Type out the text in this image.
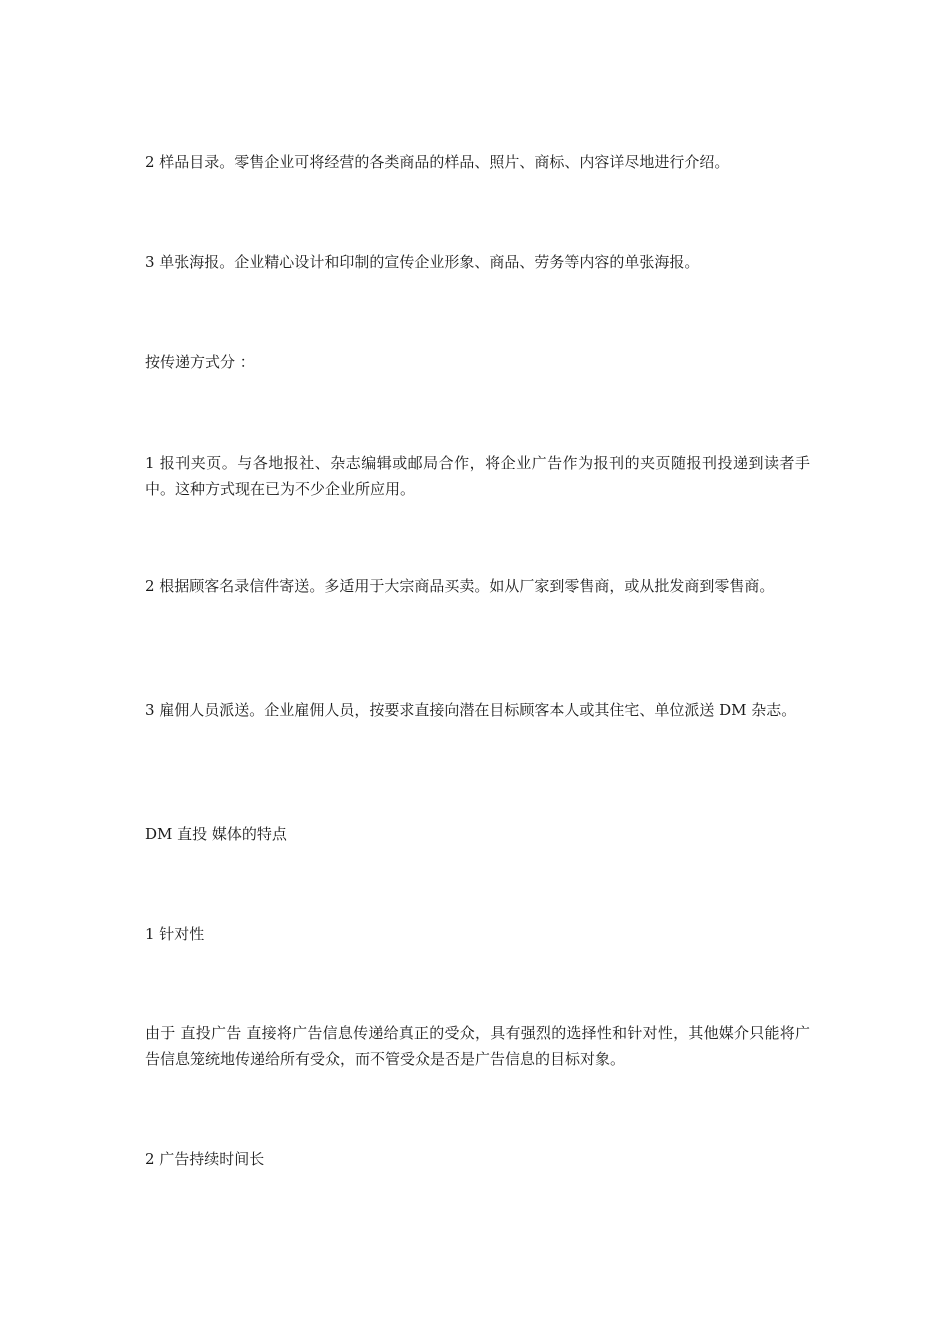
2 样品目录。零售企业可将经营的各类商品的样品、照片、商标、内容详尽地进行介绍。

3 单张海报。企业精心设计和印制的宣传企业形象、商品、劳务等内容的单张海报。

按传递方式分 ：

1 报刊夹页。与各地报社、杂志编辑或邮局合作，将企业广告作为报刊的夹页随报刊投递到读者手中。这种方式现在已为不少企业所应用。

2 根据顾客名录信件寄送。多适用于大宗商品买卖。如从厂家到零售商，或从批发商到零售商。

3 雇佣人员派送。企业雇佣人员，按要求直接向潜在目标顾客本人或其住宅、单位派送 DM 杂志。

DM 直投 媒体的特点

1 针对性

由于 直投广告 直接将广告信息传递给真正的受众，具有强烈的选择性和针对性，其他媒介只能将广告信息笼统地传递给所有受众，而不管受众是否是广告信息的目标对象。

2 广告持续时间长
